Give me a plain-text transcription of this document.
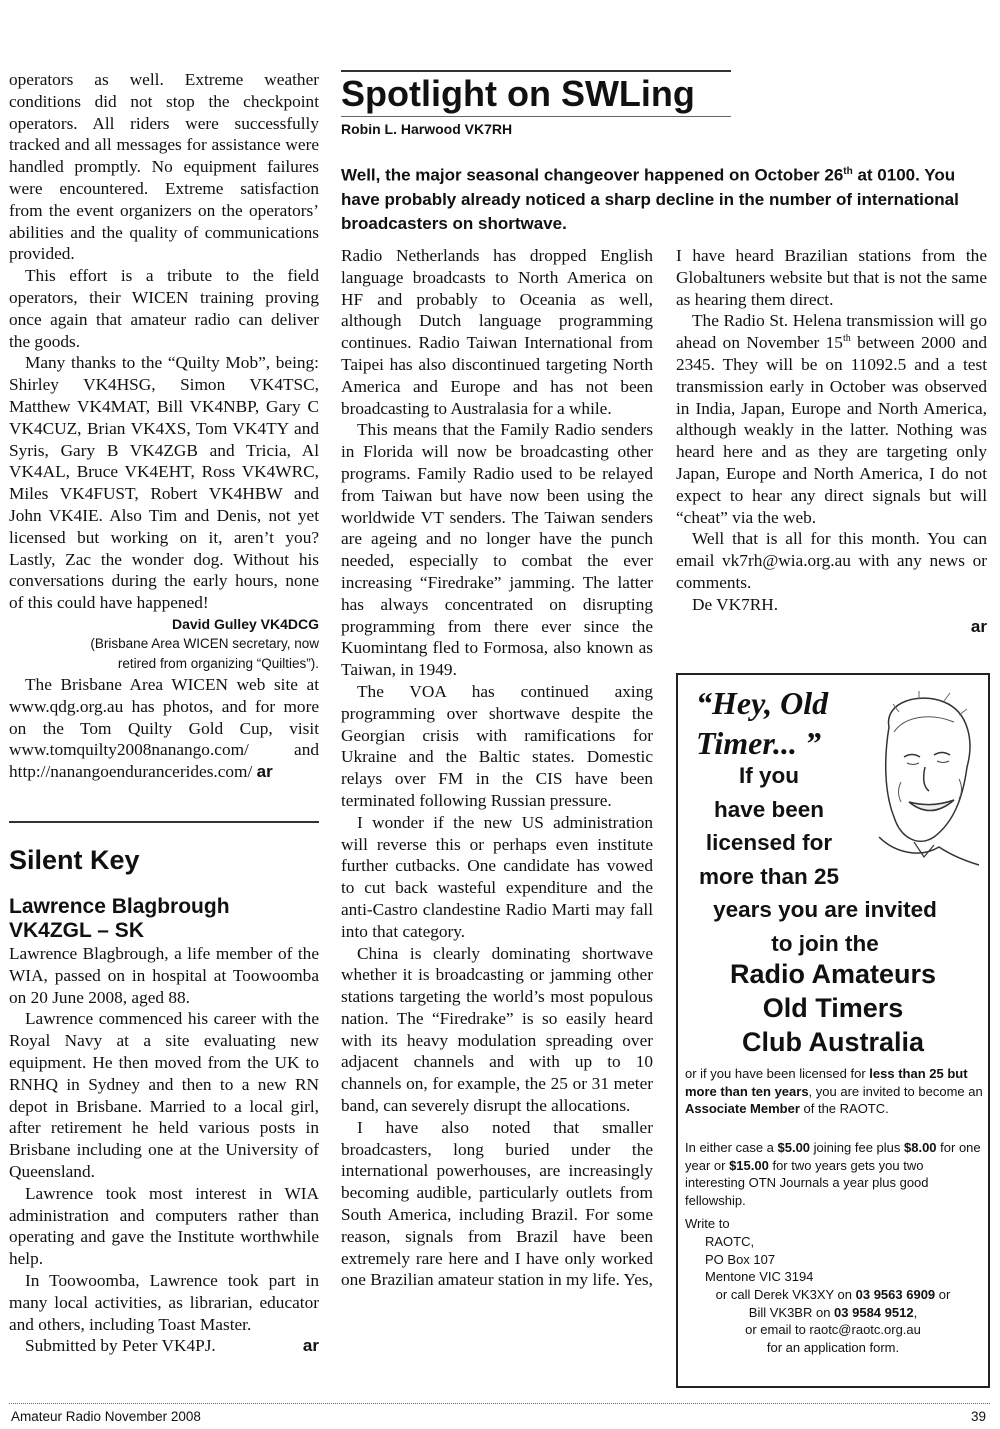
operators as well. Extreme weather conditions did not stop the checkpoint operators. All riders were successfully tracked and all messages for assistance were handled promptly. No equipment failures were encountered. Extreme satisfaction from the event organizers on the operators’ abilities and the quality of communications provided.

This effort is a tribute to the field operators, their WICEN training proving once again that amateur radio can deliver the goods.

Many thanks to the “Quilty Mob”, being: Shirley VK4HSG, Simon VK4TSC, Matthew VK4MAT, Bill VK4NBP, Gary C VK4CUZ, Brian VK4XS, Tom VK4TY and Syris, Gary B VK4ZGB and Tricia, Al VK4AL, Bruce VK4EHT, Ross VK4WRC, Miles VK4FUST, Robert VK4HBW and John VK4IE. Also Tim and Denis, not yet licensed but working on it, aren’t you? Lastly, Zac the wonder dog. Without his conversations during the early hours, none of this could have happened!

David Gulley VK4DCG
(Brisbane Area WICEN secretary, now
retired from organizing “Quilties”).

The Brisbane Area WICEN web site at www.qdg.org.au has photos, and for more on the Tom Quilty Gold Cup, visit www.tomquilty2008nanango.com/ and http://nanangoendurancerides.com/ ar

Silent Key
Lawrence Blagbrough
VK4ZGL – SK

Lawrence Blagbrough, a life member of the WIA, passed on in hospital at Toowoomba on 20 June 2008, aged 88.

Lawrence commenced his career with the Royal Navy at a site evaluating new equipment. He then moved from the UK to RNHQ in Sydney and then to a new RN depot in Brisbane. Married to a local girl, after retirement he held various posts in Brisbane including one at the University of Queensland.

Lawrence took most interest in WIA administration and computers rather than operating and gave the Institute worthwhile help.

In Toowoomba, Lawrence took part in many local activities, as librarian, educator and others, including Toast Master.

Submitted by Peter VK4PJ.	ar

Spotlight on SWLing
Robin L. Harwood VK7RH
Well, the major seasonal changeover happened on October 26th at 0100. You have probably already noticed a sharp decline in the number of international broadcasters on shortwave.

Radio Netherlands has dropped English language broadcasts to North America on HF and probably to Oceania as well, although Dutch language programming continues. Radio Taiwan International from Taipei has also discontinued targeting North America and Europe and has not been broadcasting to Australasia for a while.

This means that the Family Radio senders in Florida will now be broadcasting other programs. Family Radio used to be relayed from Taiwan but have now been using the worldwide VT senders. The Taiwan senders are ageing and no longer have the punch needed, especially to combat the ever increasing “Firedrake” jamming. The latter has always concentrated on disrupting programming from there ever since the Kuomintang fled to Formosa, also known as Taiwan, in 1949.

The VOA has continued axing programming over shortwave despite the Georgian crisis with ramifications for Ukraine and the Baltic states. Domestic relays over FM in the CIS have been terminated following Russian pressure.

I wonder if the new US administration will reverse this or perhaps even institute further cutbacks. One candidate has vowed to cut back wasteful expenditure and the anti-Castro clandestine Radio Marti may fall into that category.

China is clearly dominating shortwave whether it is broadcasting or jamming other stations targeting the world’s most populous nation. The “Firedrake” is so easily heard with its heavy modulation spreading over adjacent channels and with up to 10 channels on, for example, the 25 or 31 meter band, can severely disrupt the allocations.

I have also noted that smaller broadcasters, long buried under the international powerhouses, are increasingly becoming audible, particularly outlets from South America, including Brazil. For some reason, signals from Brazil have been extremely rare here and I have only worked one Brazilian amateur station in my life. Yes,

I have heard Brazilian stations from the Globaltuners website but that is not the same as hearing them direct.

The Radio St. Helena transmission will go ahead on November 15th between 2000 and 2345. They will be on 11092.5 and a test transmission early in October was observed in India, Japan, Europe and North America, although weakly in the latter. Nothing was heard here and as they are targeting only Japan, Europe and North America, I do not expect to hear any direct signals but will “cheat” via the web.

Well that is all for this month. You can email vk7rh@wia.org.au with any news or comments.

De VK7RH.

ar
“Hey, Old
Timer... ”
If you
have been
licensed for
more than 25
years you are invited
to join the
Radio Amateurs
Old Timers
Club Australia
or if you have been licensed for less than 25 but more than ten years, you are invited to become an Associate Member of the RAOTC.
In either case a $5.00 joining fee plus $8.00 for one year or $15.00 for two years gets you two interesting OTN Journals a year plus good fellowship.
Write to
RAOTC,
PO Box 107
Mentone VIC 3194
or call Derek VK3XY on 03 9563 6909 or
Bill VK3BR on 03 9584 9512,
or email to raotc@raotc.org.au
for an application form.
Amateur Radio November 2008	39
